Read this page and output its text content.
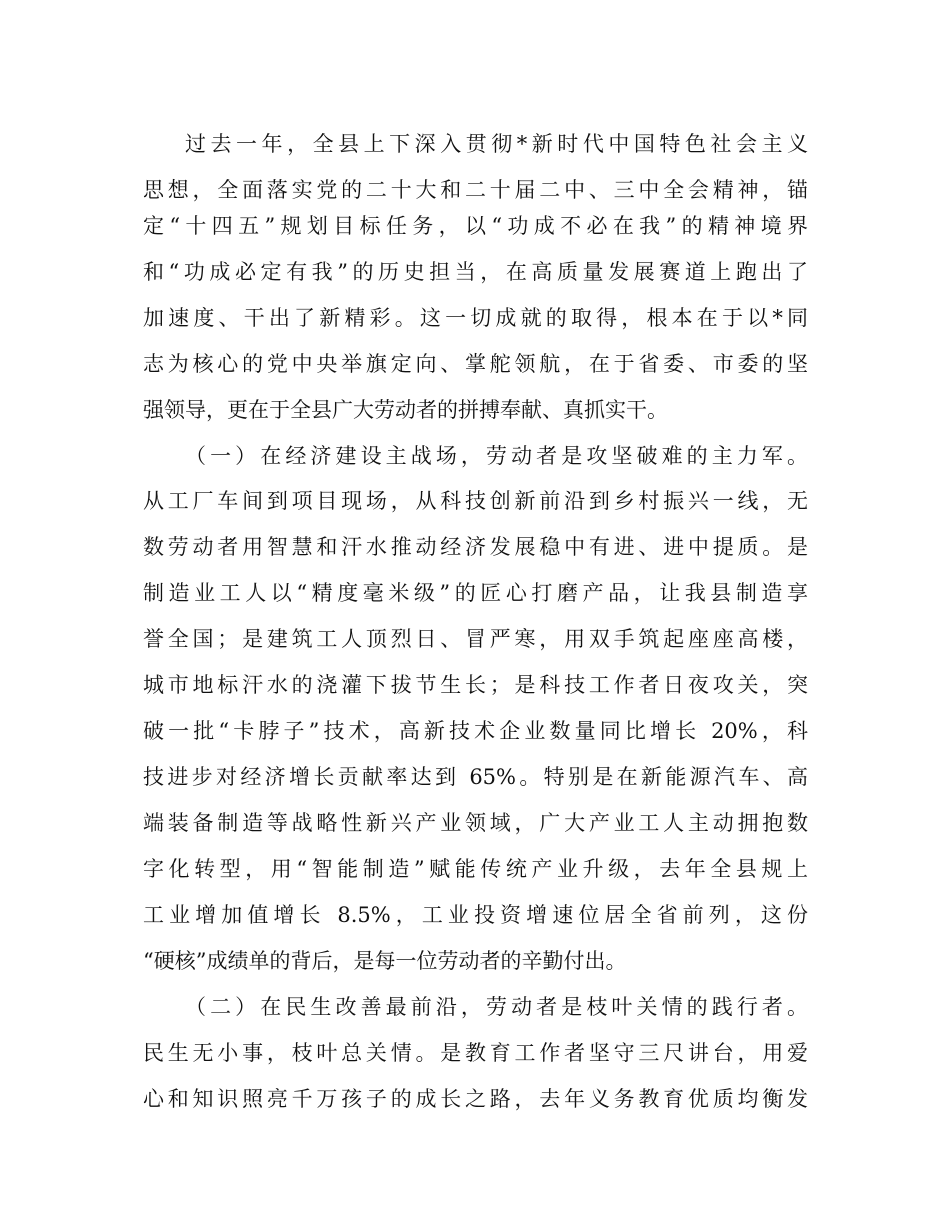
过去一年，全县上下深入贯彻*新时代中国特色社会主义
思想，全面落实党的二十大和二十届二中、三中全会精神，锚
定“十四五”规划目标任务，以“功成不必在我”的精神境界
和“功成必定有我”的历史担当，在高质量发展赛道上跑出了
加速度、干出了新精彩。这一切成就的取得，根本在于以*同
志为核心的党中央举旗定向、掌舵领航，在于省委、市委的坚
强领导，更在于全县广大劳动者的拼搏奉献、真抓实干。
（一）在经济建设主战场，劳动者是攻坚破难的主力军。
从工厂车间到项目现场，从科技创新前沿到乡村振兴一线，无
数劳动者用智慧和汗水推动经济发展稳中有进、进中提质。是
制造业工人以“精度毫米级”的匠心打磨产品，让我县制造享
誉全国；是建筑工人顶烈日、冒严寒，用双手筑起座座高楼，
城市地标汗水的浇灌下拔节生长；是科技工作者日夜攻关，突
破一批“卡脖子”技术，高新技术企业数量同比增长 20%，科
技进步对经济增长贡献率达到 65%。特别是在新能源汽车、高
端装备制造等战略性新兴产业领域，广大产业工人主动拥抱数
字化转型，用“智能制造”赋能传统产业升级，去年全县规上
工业增加值增长 8.5%，工业投资增速位居全省前列，这份
“硬核”成绩单的背后，是每一位劳动者的辛勤付出。
（二）在民生改善最前沿，劳动者是枝叶关情的践行者。
民生无小事，枝叶总关情。是教育工作者坚守三尺讲台，用爱
心和知识照亮千万孩子的成长之路，去年义务教育优质均衡发
